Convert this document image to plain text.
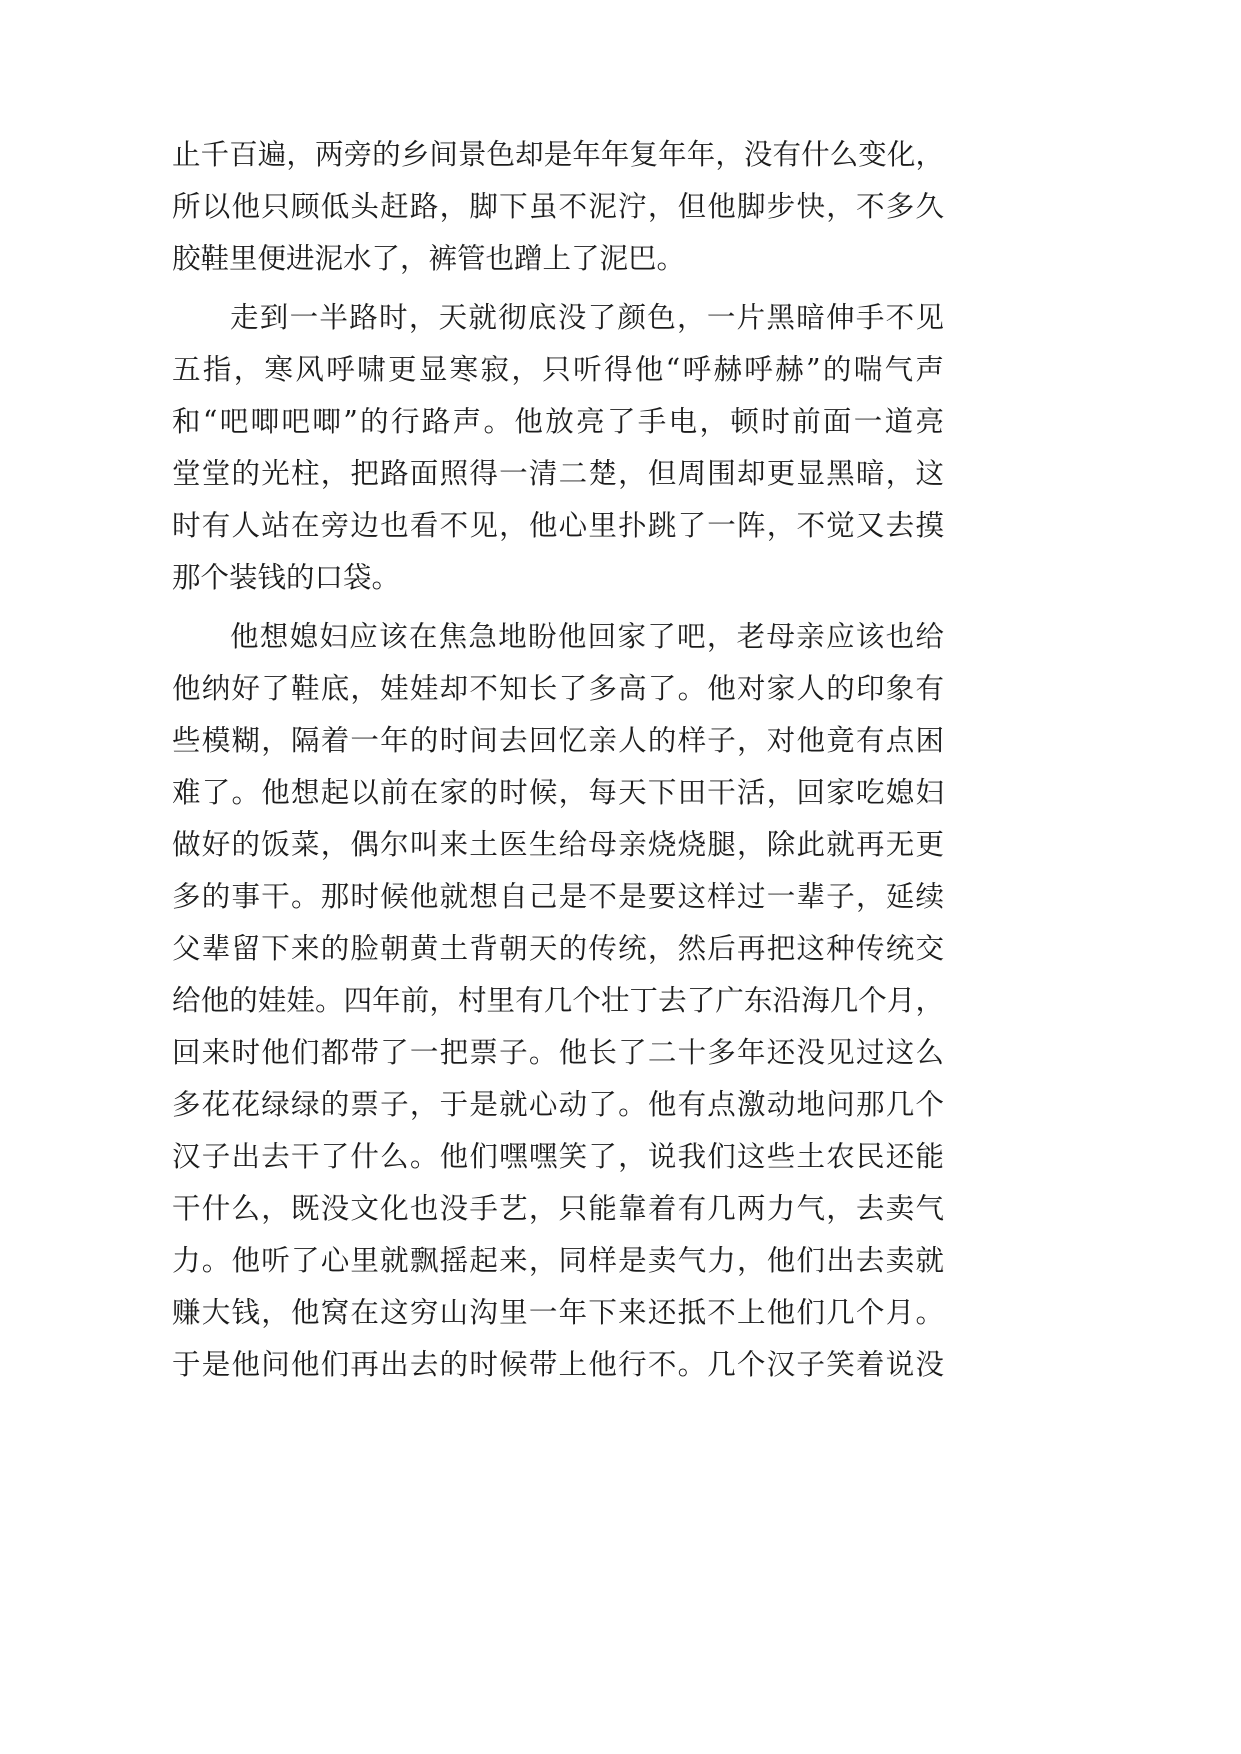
止千百遍，两旁的乡间景色却是年年复年年，没有什么变化，
所以他只顾低头赶路，脚下虽不泥泞，但他脚步快，不多久
胶鞋里便进泥水了，裤管也蹭上了泥巴。
走到一半路时，天就彻底没了颜色，一片黑暗伸手不见
五指，寒风呼啸更显寒寂，只听得他“呼赫呼赫”的喘气声
和“吧唧吧唧”的行路声。他放亮了手电，顿时前面一道亮
堂堂的光柱，把路面照得一清二楚，但周围却更显黑暗，这
时有人站在旁边也看不见，他心里扑跳了一阵，不觉又去摸
那个装钱的口袋。
他想媳妇应该在焦急地盼他回家了吧，老母亲应该也给
他纳好了鞋底，娃娃却不知长了多高了。他对家人的印象有
些模糊，隔着一年的时间去回忆亲人的样子，对他竟有点困
难了。他想起以前在家的时候，每天下田干活，回家吃媳妇
做好的饭菜，偶尔叫来土医生给母亲烧烧腿，除此就再无更
多的事干。那时候他就想自己是不是要这样过一辈子，延续
父辈留下来的脸朝黄土背朝天的传统，然后再把这种传统交
给他的娃娃。四年前，村里有几个壮丁去了广东沿海几个月，
回来时他们都带了一把票子。他长了二十多年还没见过这么
多花花绿绿的票子，于是就心动了。他有点激动地问那几个
汉子出去干了什么。他们嘿嘿笑了，说我们这些土农民还能
干什么，既没文化也没手艺，只能靠着有几两力气，去卖气
力。他听了心里就飘摇起来，同样是卖气力，他们出去卖就
赚大钱，他窝在这穷山沟里一年下来还抵不上他们几个月。
于是他问他们再出去的时候带上他行不。几个汉子笑着说没
